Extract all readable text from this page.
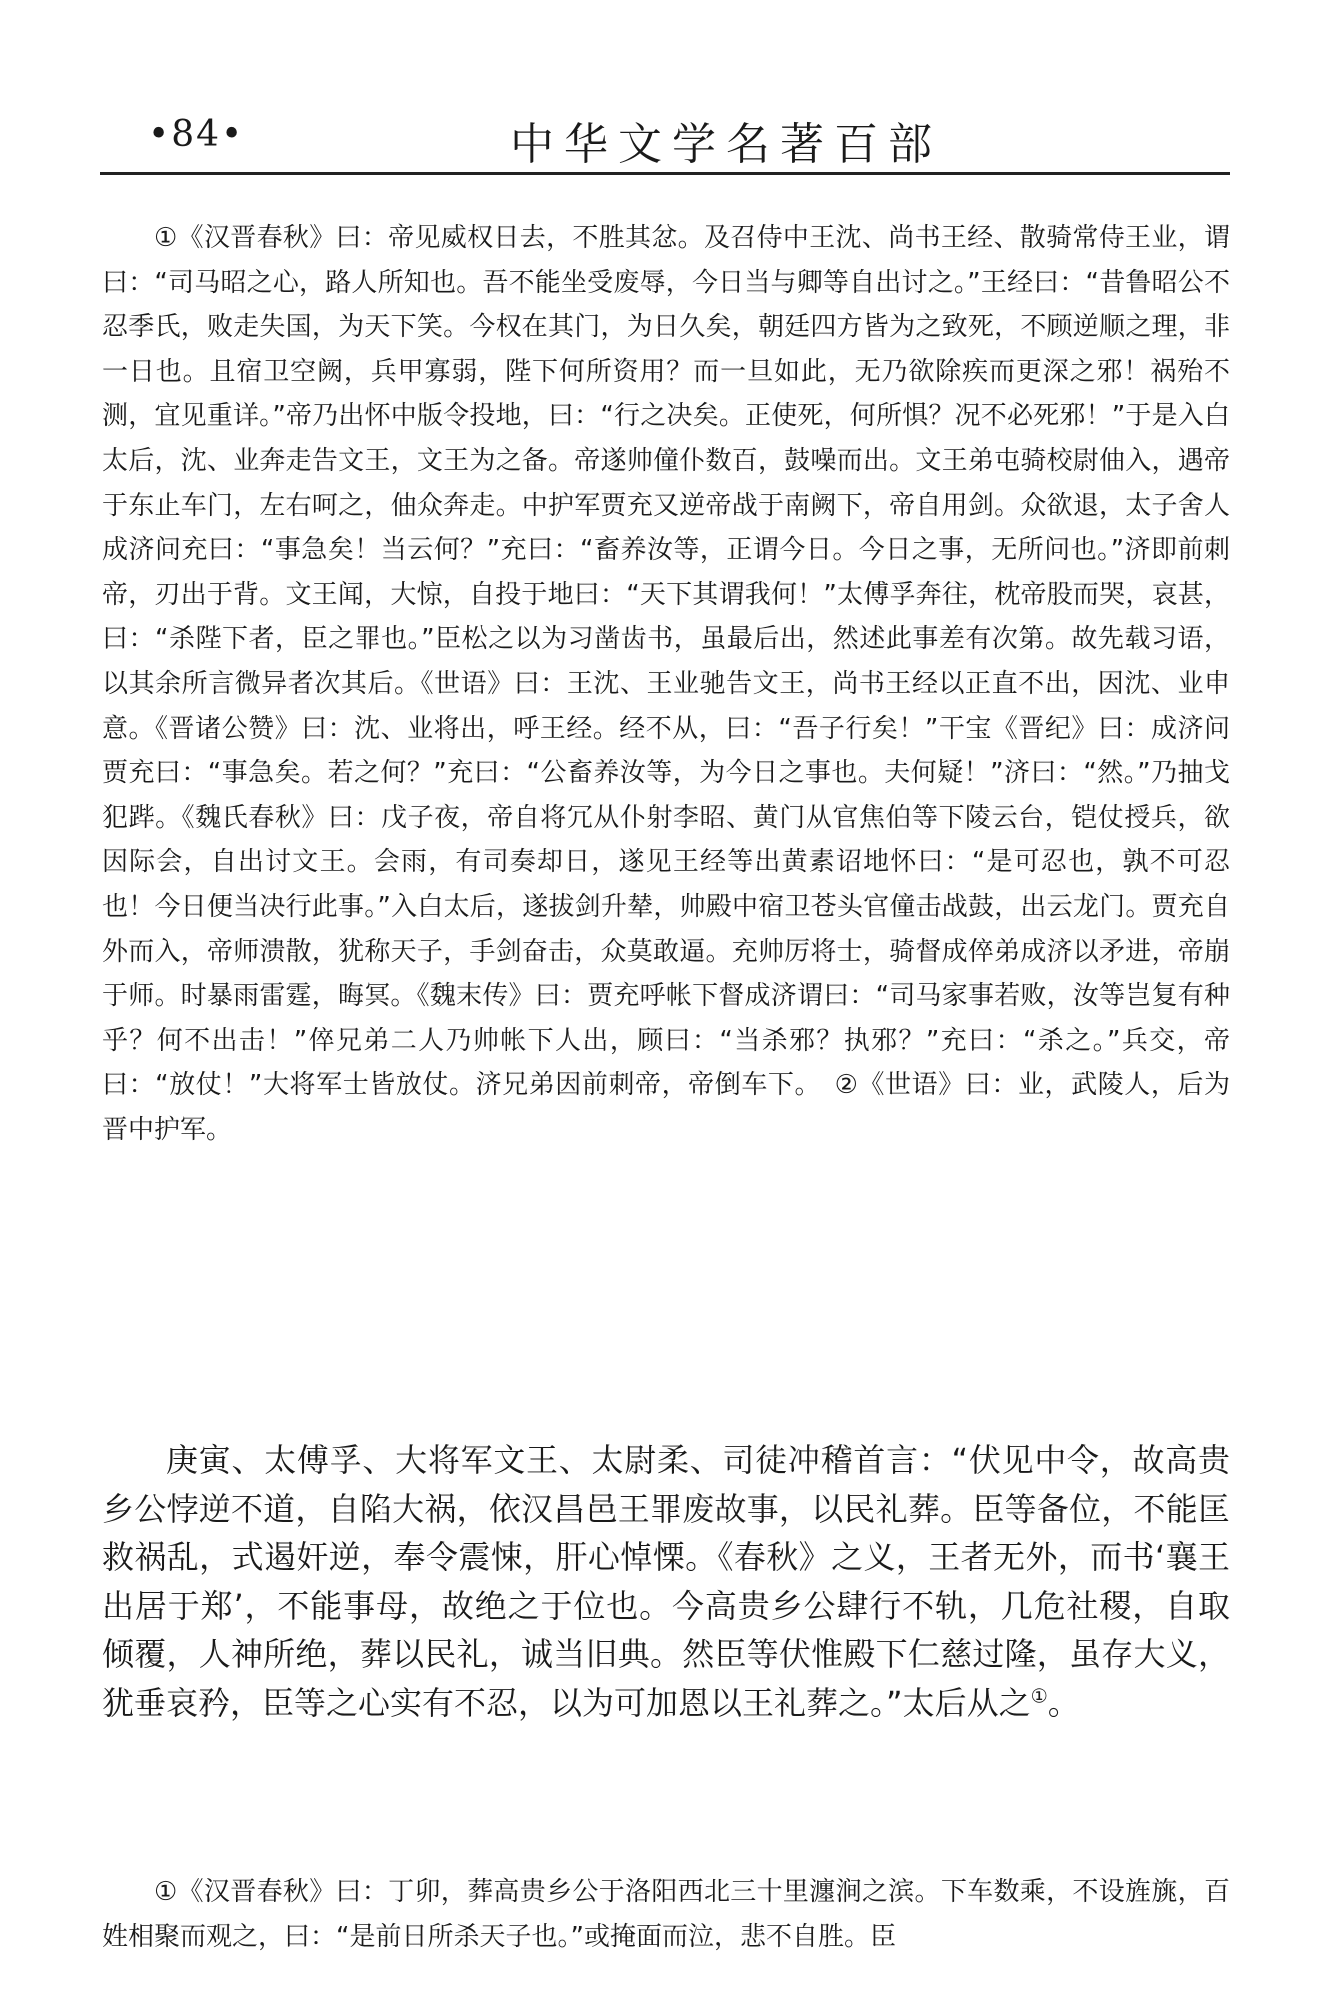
•84•	中华文学名著百部

①《汉晋春秋》曰：帝见威权日去，不胜其忿。及召侍中王沈、尚书王经、散骑常侍王业，谓曰：“司马昭之心，路人所知也。吾不能坐受废辱，今日当与卿等自出讨之。”王经曰：“昔鲁昭公不忍季氏，败走失国，为天下笑。今权在其门，为日久矣，朝廷四方皆为之致死，不顾逆顺之理，非一日也。且宿卫空阙，兵甲寡弱，陛下何所资用？而一旦如此，无乃欲除疾而更深之邪！祸殆不测，宜见重详。”帝乃出怀中版令投地，曰：“行之决矣。正使死，何所惧？况不必死邪！”于是入白太后，沈、业奔走告文王，文王为之备。帝遂帅僮仆数百，鼓噪而出。文王弟屯骑校尉伷入，遇帝于东止车门，左右呵之，伷众奔走。中护军贾充又逆帝战于南阙下，帝自用剑。众欲退，太子舍人成济问充曰：“事急矣！当云何？”充曰：“畜养汝等，正谓今日。今日之事，无所问也。”济即前刺帝，刃出于背。文王闻，大惊，自投于地曰：“天下其谓我何！”太傅孚奔往，枕帝股而哭，哀甚，曰：“杀陛下者，臣之罪也。”臣松之以为习凿齿书，虽最后出，然述此事差有次第。故先载习语，以其余所言微异者次其后。《世语》曰：王沈、王业驰告文王，尚书王经以正直不出，因沈、业申意。《晋诸公赞》曰：沈、业将出，呼王经。经不从，曰：“吾子行矣！”干宝《晋纪》曰：成济问贾充曰：“事急矣。若之何？”充曰：“公畜养汝等，为今日之事也。夫何疑！”济曰：“然。”乃抽戈犯跸。《魏氏春秋》曰：戊子夜，帝自将冗从仆射李昭、黄门从官焦伯等下陵云台，铠仗授兵，欲因际会，自出讨文王。会雨，有司奏却日，遂见王经等出黄素诏地怀曰：“是可忍也，孰不可忍也！今日便当决行此事。”入白太后，遂拔剑升辇，帅殿中宿卫苍头官僮击战鼓，出云龙门。贾充自外而入，帝师溃散，犹称天子，手剑奋击，众莫敢逼。充帅厉将士，骑督成倅弟成济以矛进，帝崩于师。时暴雨雷霆，晦冥。《魏末传》曰：贾充呼帐下督成济谓曰：“司马家事若败，汝等岂复有种乎？何不出击！”倅兄弟二人乃帅帐下人出，顾曰：“当杀邪？执邪？”充曰：“杀之。”兵交，帝曰：“放仗！”大将军士皆放仗。济兄弟因前刺帝，帝倒车下。　②《世语》曰：业，武陵人，后为晋中护军。

庚寅、太傅孚、大将军文王、太尉柔、司徒冲稽首言：“伏见中令，故高贵乡公悖逆不道，自陷大祸，依汉昌邑王罪废故事，以民礼葬。臣等备位，不能匡救祸乱，式遏奸逆，奉令震悚，肝心悼慄。《春秋》之义，王者无外，而书‘襄王出居于郑’，不能事母，故绝之于位也。今高贵乡公肆行不轨，几危社稷，自取倾覆，人神所绝，葬以民礼，诚当旧典。然臣等伏惟殿下仁慈过隆，虽存大义，犹垂哀矜，臣等之心实有不忍，以为可加恩以王礼葬之。”太后从之①。

①《汉晋春秋》曰：丁卯，葬高贵乡公于洛阳西北三十里瀍涧之滨。下车数乘，不设旌旐，百姓相聚而观之，曰：“是前日所杀天子也。”或掩面而泣，悲不自胜。臣
